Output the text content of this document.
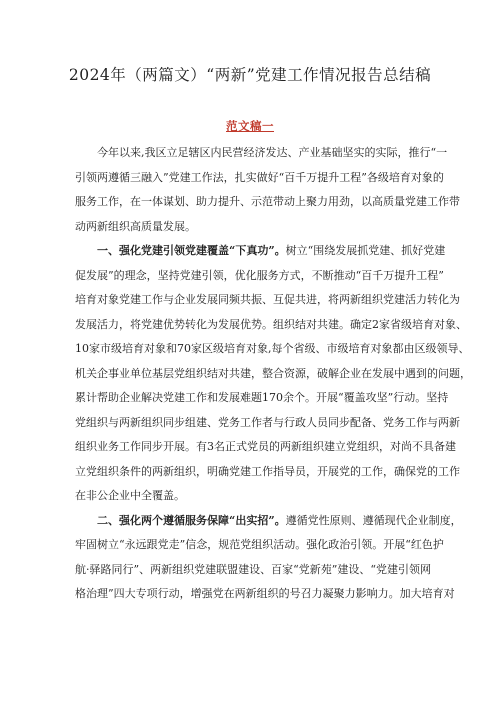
2024年（两篇文）“两新”党建工作情况报告总结稿
范文稿一

今年以来,我区立足辖区内民营经济发达、产业基础坚实的实际，推行“一
引领两遵循三融入”党建工作法，扎实做好“百千万提升工程”各级培育对象的
服务工作，在一体谋划、助力提升、示范带动上聚力用劲，以高质量党建工作带
动两新组织高质量发展。

一、强化党建引领党建覆盖“下真功”。树立“围绕发展抓党建、抓好党建
促发展”的理念，坚持党建引领，优化服务方式，不断推动“百千万提升工程”
培育对象党建工作与企业发展同频共振、互促共进，将两新组织党建活力转化为
发展活力，将党建优势转化为发展优势。组织结对共建。确定2家省级培育对象、
10家市级培育对象和70家区级培育对象,每个省级、市级培育对象都由区级领导、
机关企事业单位基层党组织结对共建，整合资源，破解企业在发展中遇到的问题，
累计帮助企业解决党建工作和发展难题170余个。开展“覆盖攻坚”行动。坚持
党组织与两新组织同步组建、党务工作者与行政人员同步配备、党务工作与两新
组织业务工作同步开展。有3名正式党员的两新组织建立党组织，对尚不具备建
立党组织条件的两新组织，明确党建工作指导员，开展党的工作，确保党的工作
在非公企业中全覆盖。

二、强化两个遵循服务保障“出实招”。遵循党性原则、遵循现代企业制度，
牢固树立“永远跟党走”信念，规范党组织活动。强化政治引领。开展“红色护
航·驿路同行”、两新组织党建联盟建设、百家“党新苑”建设、“党建引领网
格治理”四大专项行动，增强党在两新组织的号召力凝聚力影响力。加大培育对
